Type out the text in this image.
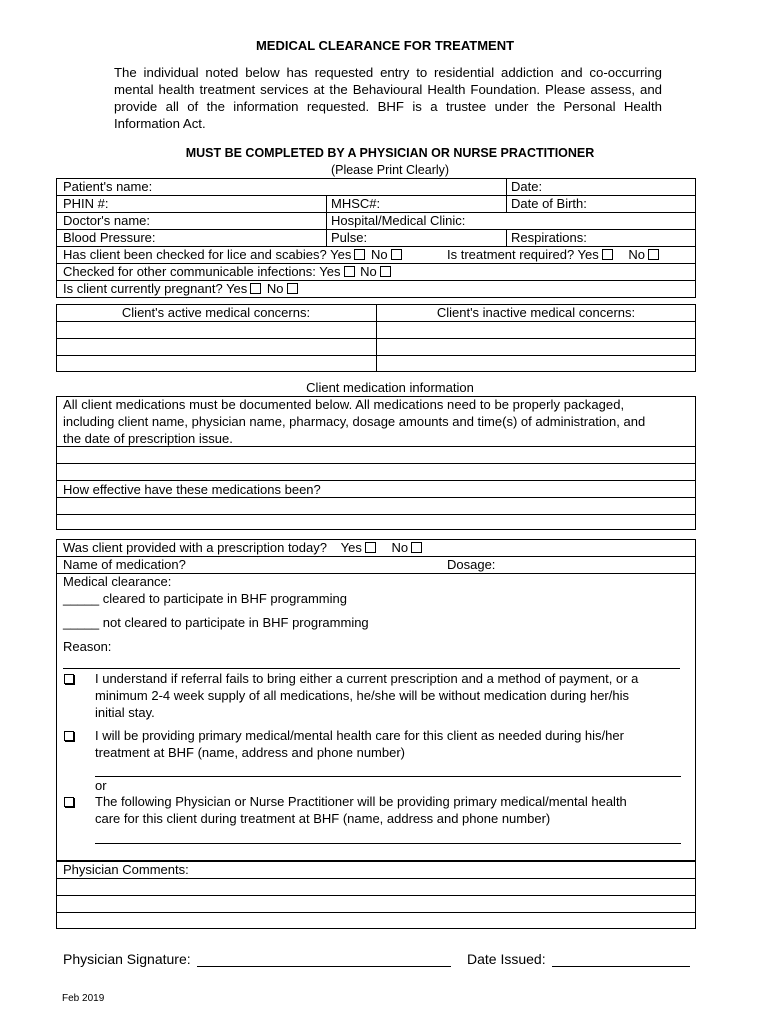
MEDICAL CLEARANCE FOR TREATMENT
The individual noted below has requested entry to residential addiction and co-occurring mental health treatment services at the Behavioural Health Foundation. Please assess, and provide all of the information requested. BHF is a trustee under the Personal Health Information Act.
MUST BE COMPLETED BY A PHYSICIAN OR NURSE PRACTITIONER
(Please Print Clearly)
Patient's name:	Date:
PHIN #:	MHSC#:	Date of Birth:
Doctor's name:	Hospital/Medical Clinic:
Blood Pressure:	Pulse:	Respirations:
Has client been checked for lice and scabies? Yes No	Is treatment required? Yes No
Checked for other communicable infections: Yes No
Is client currently pregnant? Yes No
Client's active medical concerns:	Client's inactive medical concerns:
Client medication information
All client medications must be documented below. All medications need to be properly packaged,
including client name, physician name, pharmacy, dosage amounts and time(s) of administration, and
the date of prescription issue.
How effective have these medications been?
Was client provided with a prescription today? Yes No
Name of medication?	Dosage:
Medical clearance:
_____ cleared to participate in BHF programming
_____ not cleared to participate in BHF programming
Reason:
I understand if referral fails to bring either a current prescription and a method of payment, or a
minimum 2-4 week supply of all medications, he/she will be without medication during her/his
initial stay.
I will be providing primary medical/mental health care for this client as needed during his/her
treatment at BHF (name, address and phone number)
or
The following Physician or Nurse Practitioner will be providing primary medical/mental health
care for this client during treatment at BHF (name, address and phone number)
Physician Comments:
Physician Signature:	Date Issued:
Feb 2019
